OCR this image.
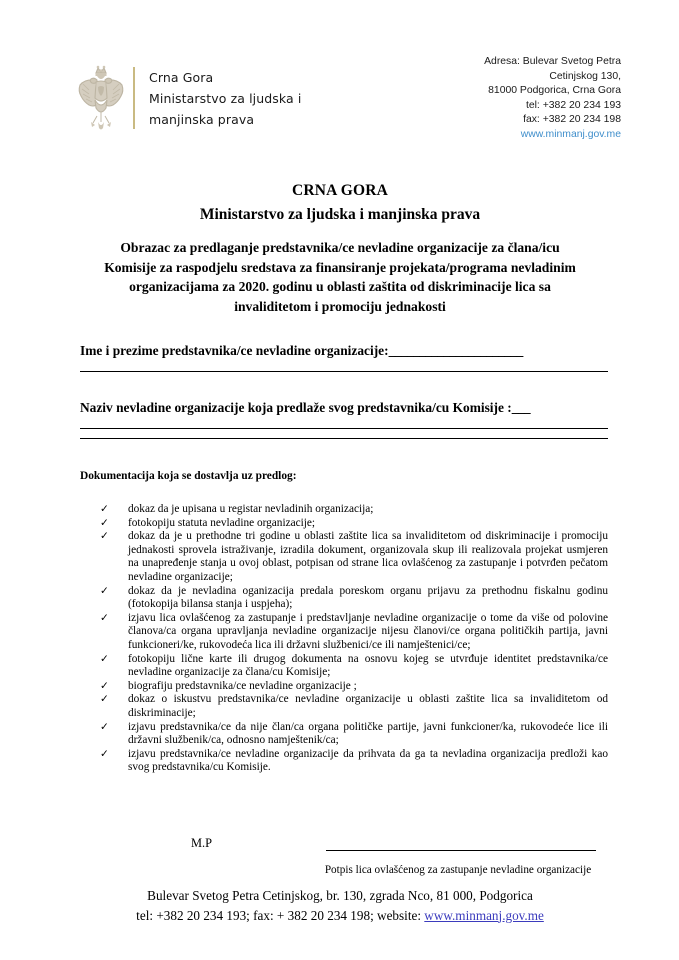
Crna Gora
Ministarstvo za ljudska i
manjinska prava
Adresa: Bulevar Svetog Petra
Cetinjskog 130,
81000 Podgorica, Crna Gora
tel: +382 20 234 193
fax: +382 20 234 198
www.minmanj.gov.me
CRNA GORA
Ministarstvo za ljudska i manjinska prava
Obrazac za predlaganje predstavnika/ce nevladine organizacije za člana/icu
Komisije za raspodjelu sredstava za finansiranje projekata/programa nevladinim
organizacijama za 2020. godinu u oblasti zaštita od diskriminacije lica sa
invaliditetom i promociju jednakosti
Ime i prezime predstavnika/ce nevladine organizacije:______________________
Naziv nevladine organizacije koja predlaže svog predstavnika/cu Komisije :___
Dokumentacija koja se dostavlja uz predlog:
✓ dokaz da je upisana u registar nevladinih organizacija;
✓ fotokopiju statuta nevladine organizacije;
✓ dokaz da je u prethodne tri godine u oblasti zaštite lica sa invaliditetom od diskriminacije i promociju jednakosti sprovela istraživanje, izradila dokument, organizovala skup ili realizovala projekat usmjeren na unapređenje stanja u ovoj oblast, potpisan od strane lica ovlašćenog za zastupanje i potvrđen pečatom nevladine organizacije;
✓ dokaz da je nevladina oganizacija predala poreskom organu prijavu za prethodnu fiskalnu godinu (fotokopija bilansa stanja i uspjeha);
✓ izjavu lica ovlašćenog za zastupanje i predstavljanje nevladine organizacije o tome da više od polovine članova/ca organa upravljanja nevladine organizacije nijesu članovi/ce organa političkih partija, javni funkcioneri/ke, rukovodeća lica ili državni službenici/ce ili namještenici/ce;
✓ fotokopiju lične karte ili drugog dokumenta na osnovu kojeg se utvrđuje identitet predstavnika/ce nevladine organizacije za člana/cu Komisije;
✓ biografiju predstavnika/ce nevladine organizacije ;
✓ dokaz o iskustvu predstavnika/ce nevladine organizacije u oblasti zaštite lica sa invaliditetom od diskriminacije;
✓ izjavu predstavnika/ce da nije član/ca organa političke partije, javni funkcioner/ka, rukovodeće lice ili državni službenik/ca, odnosno namještenik/ca;
✓ izjavu predstavnika/ce nevladine organizacije da prihvata da ga ta nevladina organizacija predloži kao svog predstavnika/cu Komisije.
M.P
Potpis lica ovlašćenog za zastupanje nevladine organizacije
Bulevar Svetog Petra Cetinjskog, br. 130, zgrada Nco, 81 000, Podgorica
tel: +382 20 234 193; fax: + 382 20 234 198; website: www.minmanj.gov.me
